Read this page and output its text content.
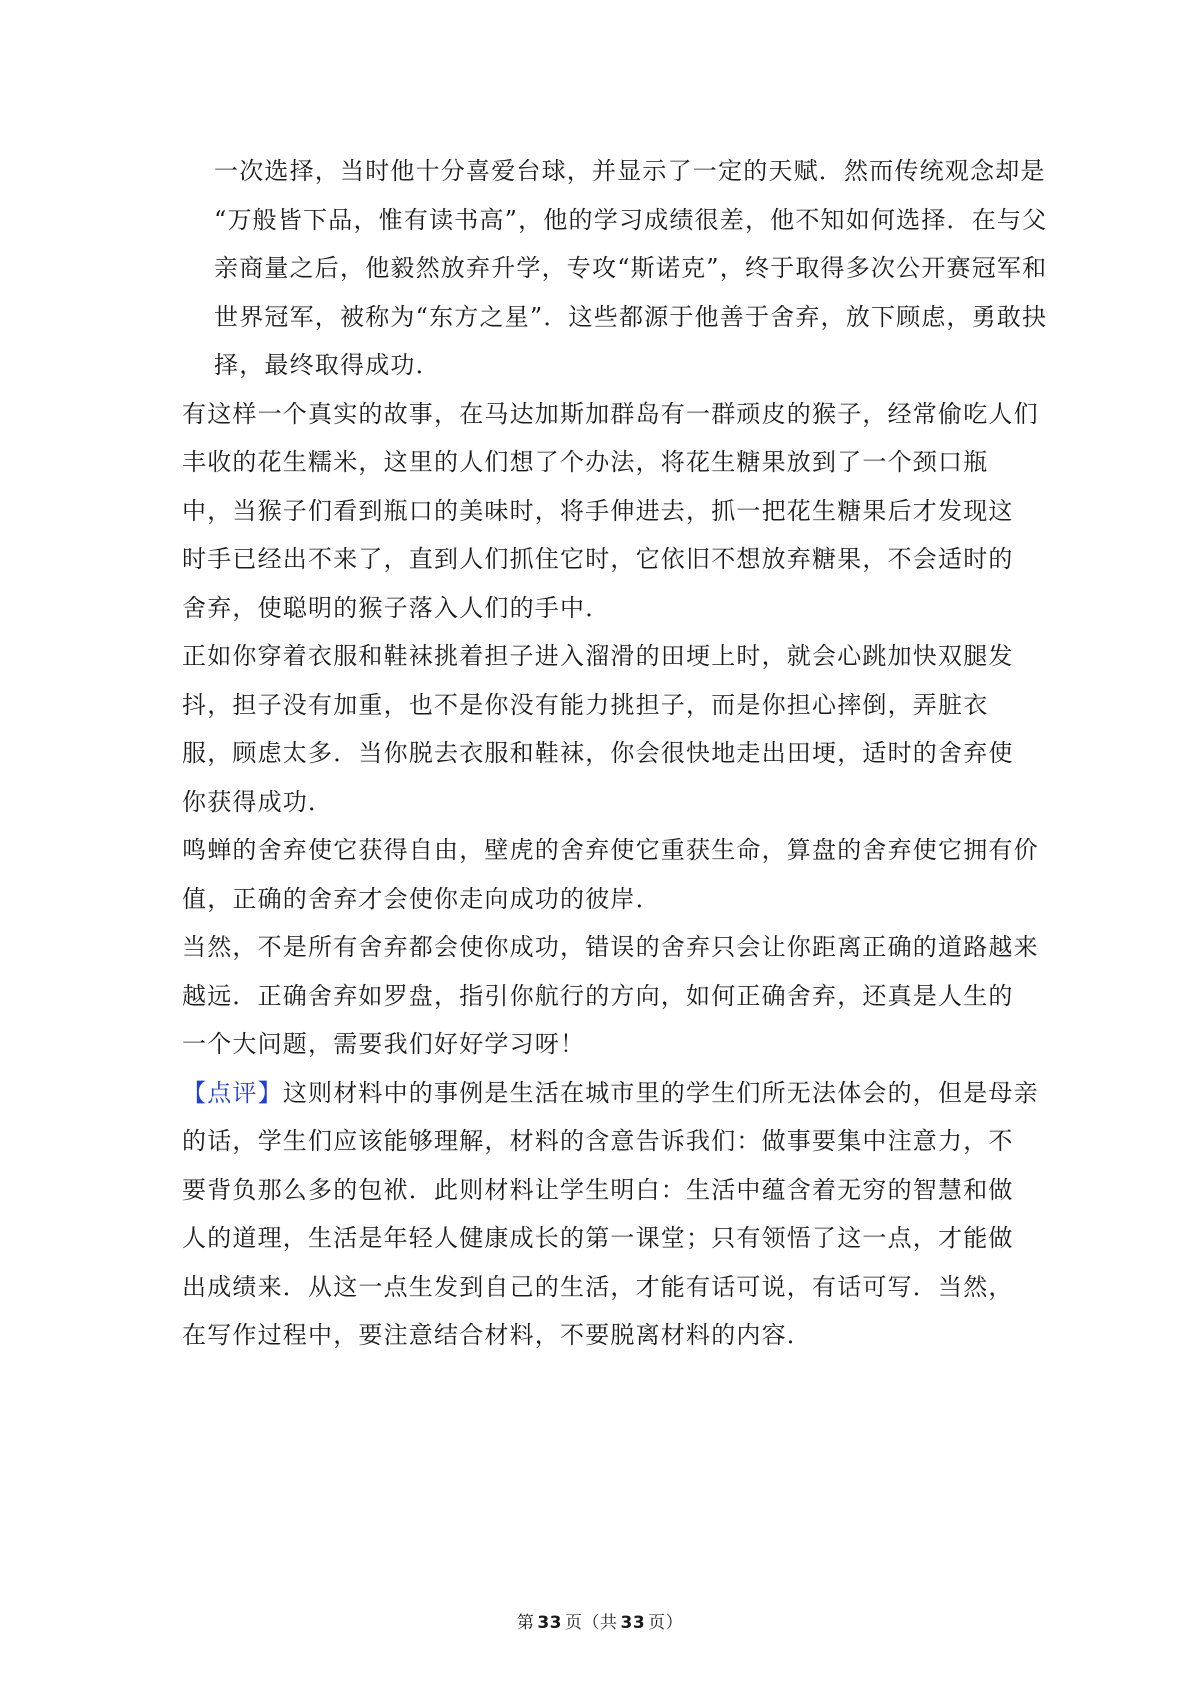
一次选择，当时他十分喜爱台球，并显示了一定的天赋．然而传统观念却是
“万般皆下品，惟有读书高”，他的学习成绩很差，他不知如何选择．在与父
亲商量之后，他毅然放弃升学，专攻“斯诺克”，终于取得多次公开赛冠军和
世界冠军，被称为“东方之星”．这些都源于他善于舍弃，放下顾虑，勇敢抉
择，最终取得成功．

有这样一个真实的故事，在马达加斯加群岛有一群顽皮的猴子，经常偷吃人们
丰收的花生糯米，这里的人们想了个办法，将花生糖果放到了一个颈口瓶
中，当猴子们看到瓶口的美味时，将手伸进去，抓一把花生糖果后才发现这
时手已经出不来了，直到人们抓住它时，它依旧不想放弃糖果，不会适时的
舍弃，使聪明的猴子落入人们的手中．

正如你穿着衣服和鞋袜挑着担子进入溜滑的田埂上时，就会心跳加快双腿发
抖，担子没有加重，也不是你没有能力挑担子，而是你担心摔倒，弄脏衣
服，顾虑太多．当你脱去衣服和鞋袜，你会很快地走出田埂，适时的舍弃使
你获得成功．

鸣蝉的舍弃使它获得自由，壁虎的舍弃使它重获生命，算盘的舍弃使它拥有价
值，正确的舍弃才会使你走向成功的彼岸．

当然，不是所有舍弃都会使你成功，错误的舍弃只会让你距离正确的道路越来
越远．正确舍弃如罗盘，指引你航行的方向，如何正确舍弃，还真是人生的
一个大问题，需要我们好好学习呀！

【点评】这则材料中的事例是生活在城市里的学生们所无法体会的，但是母亲
的话，学生们应该能够理解，材料的含意告诉我们：做事要集中注意力，不
要背负那么多的包袱．此则材料让学生明白：生活中蕴含着无穷的智慧和做
人的道理，生活是年轻人健康成长的第一课堂；只有领悟了这一点，才能做
出成绩来．从这一点生发到自己的生活，才能有话可说，有话可写．当然，
在写作过程中，要注意结合材料，不要脱离材料的内容．

第 33 页（共 33 页）
